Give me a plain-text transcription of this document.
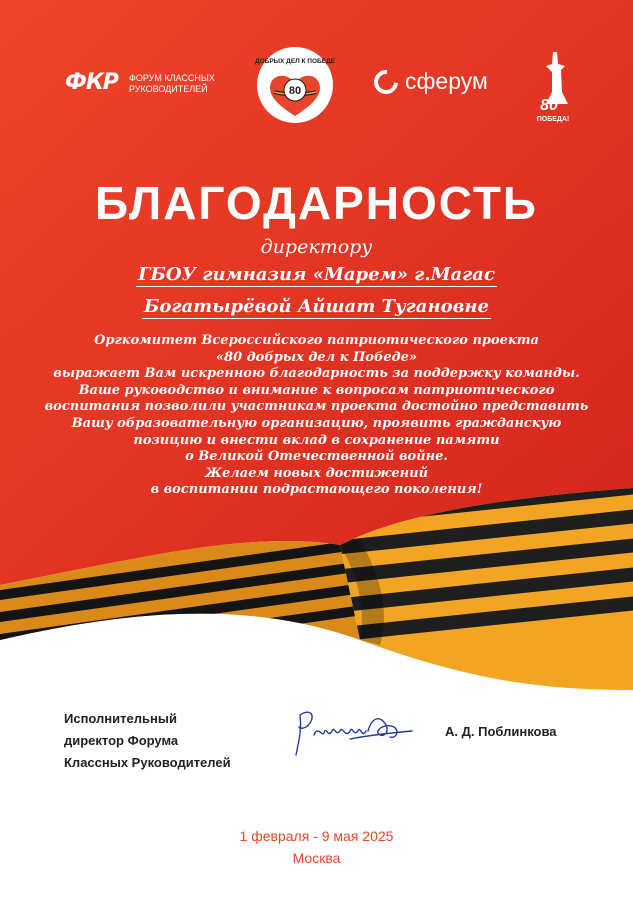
80
ДОБРЫХ ДЕЛ К ПОБЕДЕ
80
ПОБЕДА!
ФКР ФОРУМ КЛАССНЫХ
РУКОВОДИТЕЛЕЙ	сферум
БЛАГОДАРНОСТЬ
директору
ГБОУ гимназия «Марем» г.Магас
Богатырёвой Айшат Тугановне
Оргкомитет Всероссийского патриотического проекта
«80 добрых дел к Победе»
выражает Вам искренною благодарность за поддержку команды.
Ваше руководство и внимание к вопросам патриотического
воспитания позволили участникам проекта достойно представить
Вашу образовательную организацию, проявить гражданскую
позицию и внести вклад в сохранение памяти
о Великой Отечественной войне.
Желаем новых достижений
в воспитании подрастающего поколения!
Исполнительный
директор Форума
Классных Руководителей
А. Д. Поблинкова
1 февраля - 9 мая 2025
Москва
